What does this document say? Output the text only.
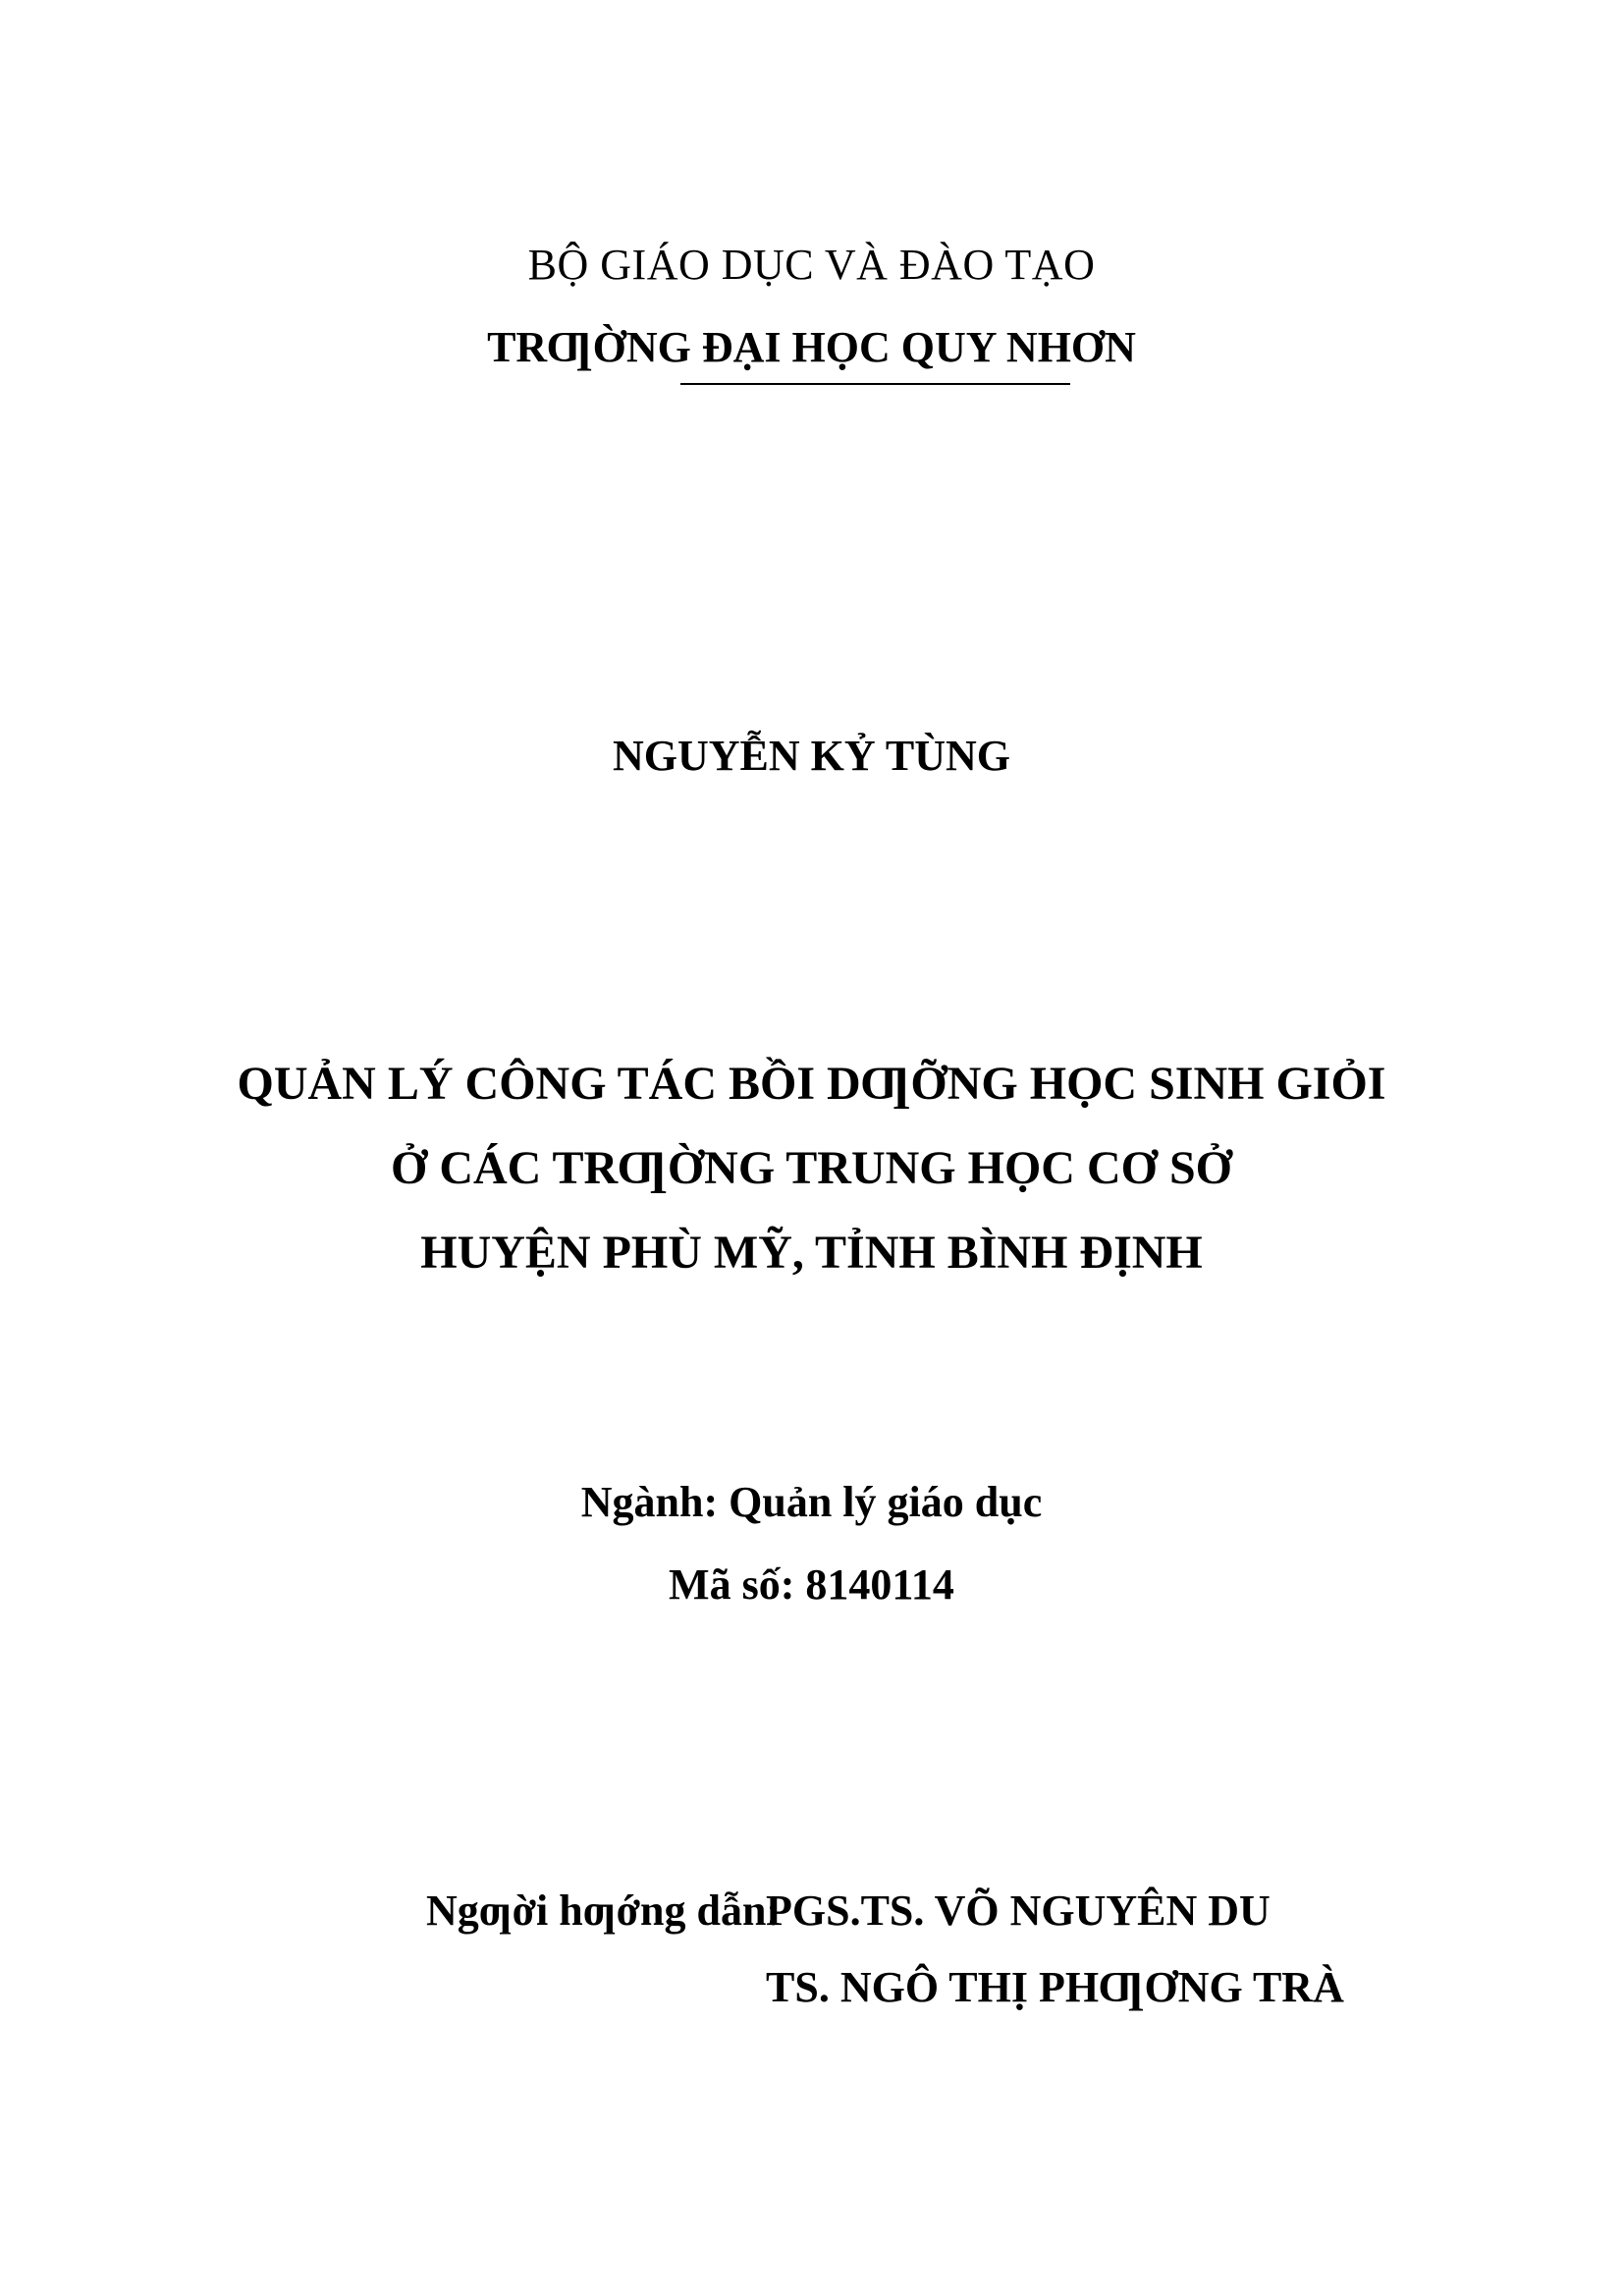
BỘ GIÁO DỤC VÀ ĐÀO TẠO
TRƢỜNG ĐẠI HỌC QUY NHƠN
NGUYỄN KỶ TÙNG
QUẢN LÝ CÔNG TÁC BỒI DƢỠNG HỌC SINH GIỎI
Ở CÁC TRƢỜNG TRUNG HỌC CƠ SỞ
HUYỆN PHÙ MỸ, TỈNH BÌNH ĐỊNH
Ngành: Quản lý giáo dục
Mã số: 8140114
Ngƣời hƣớng dẫn:
PGS.TS. VÕ NGUYÊN DU
TS. NGÔ THỊ PHƢƠNG TRÀ
